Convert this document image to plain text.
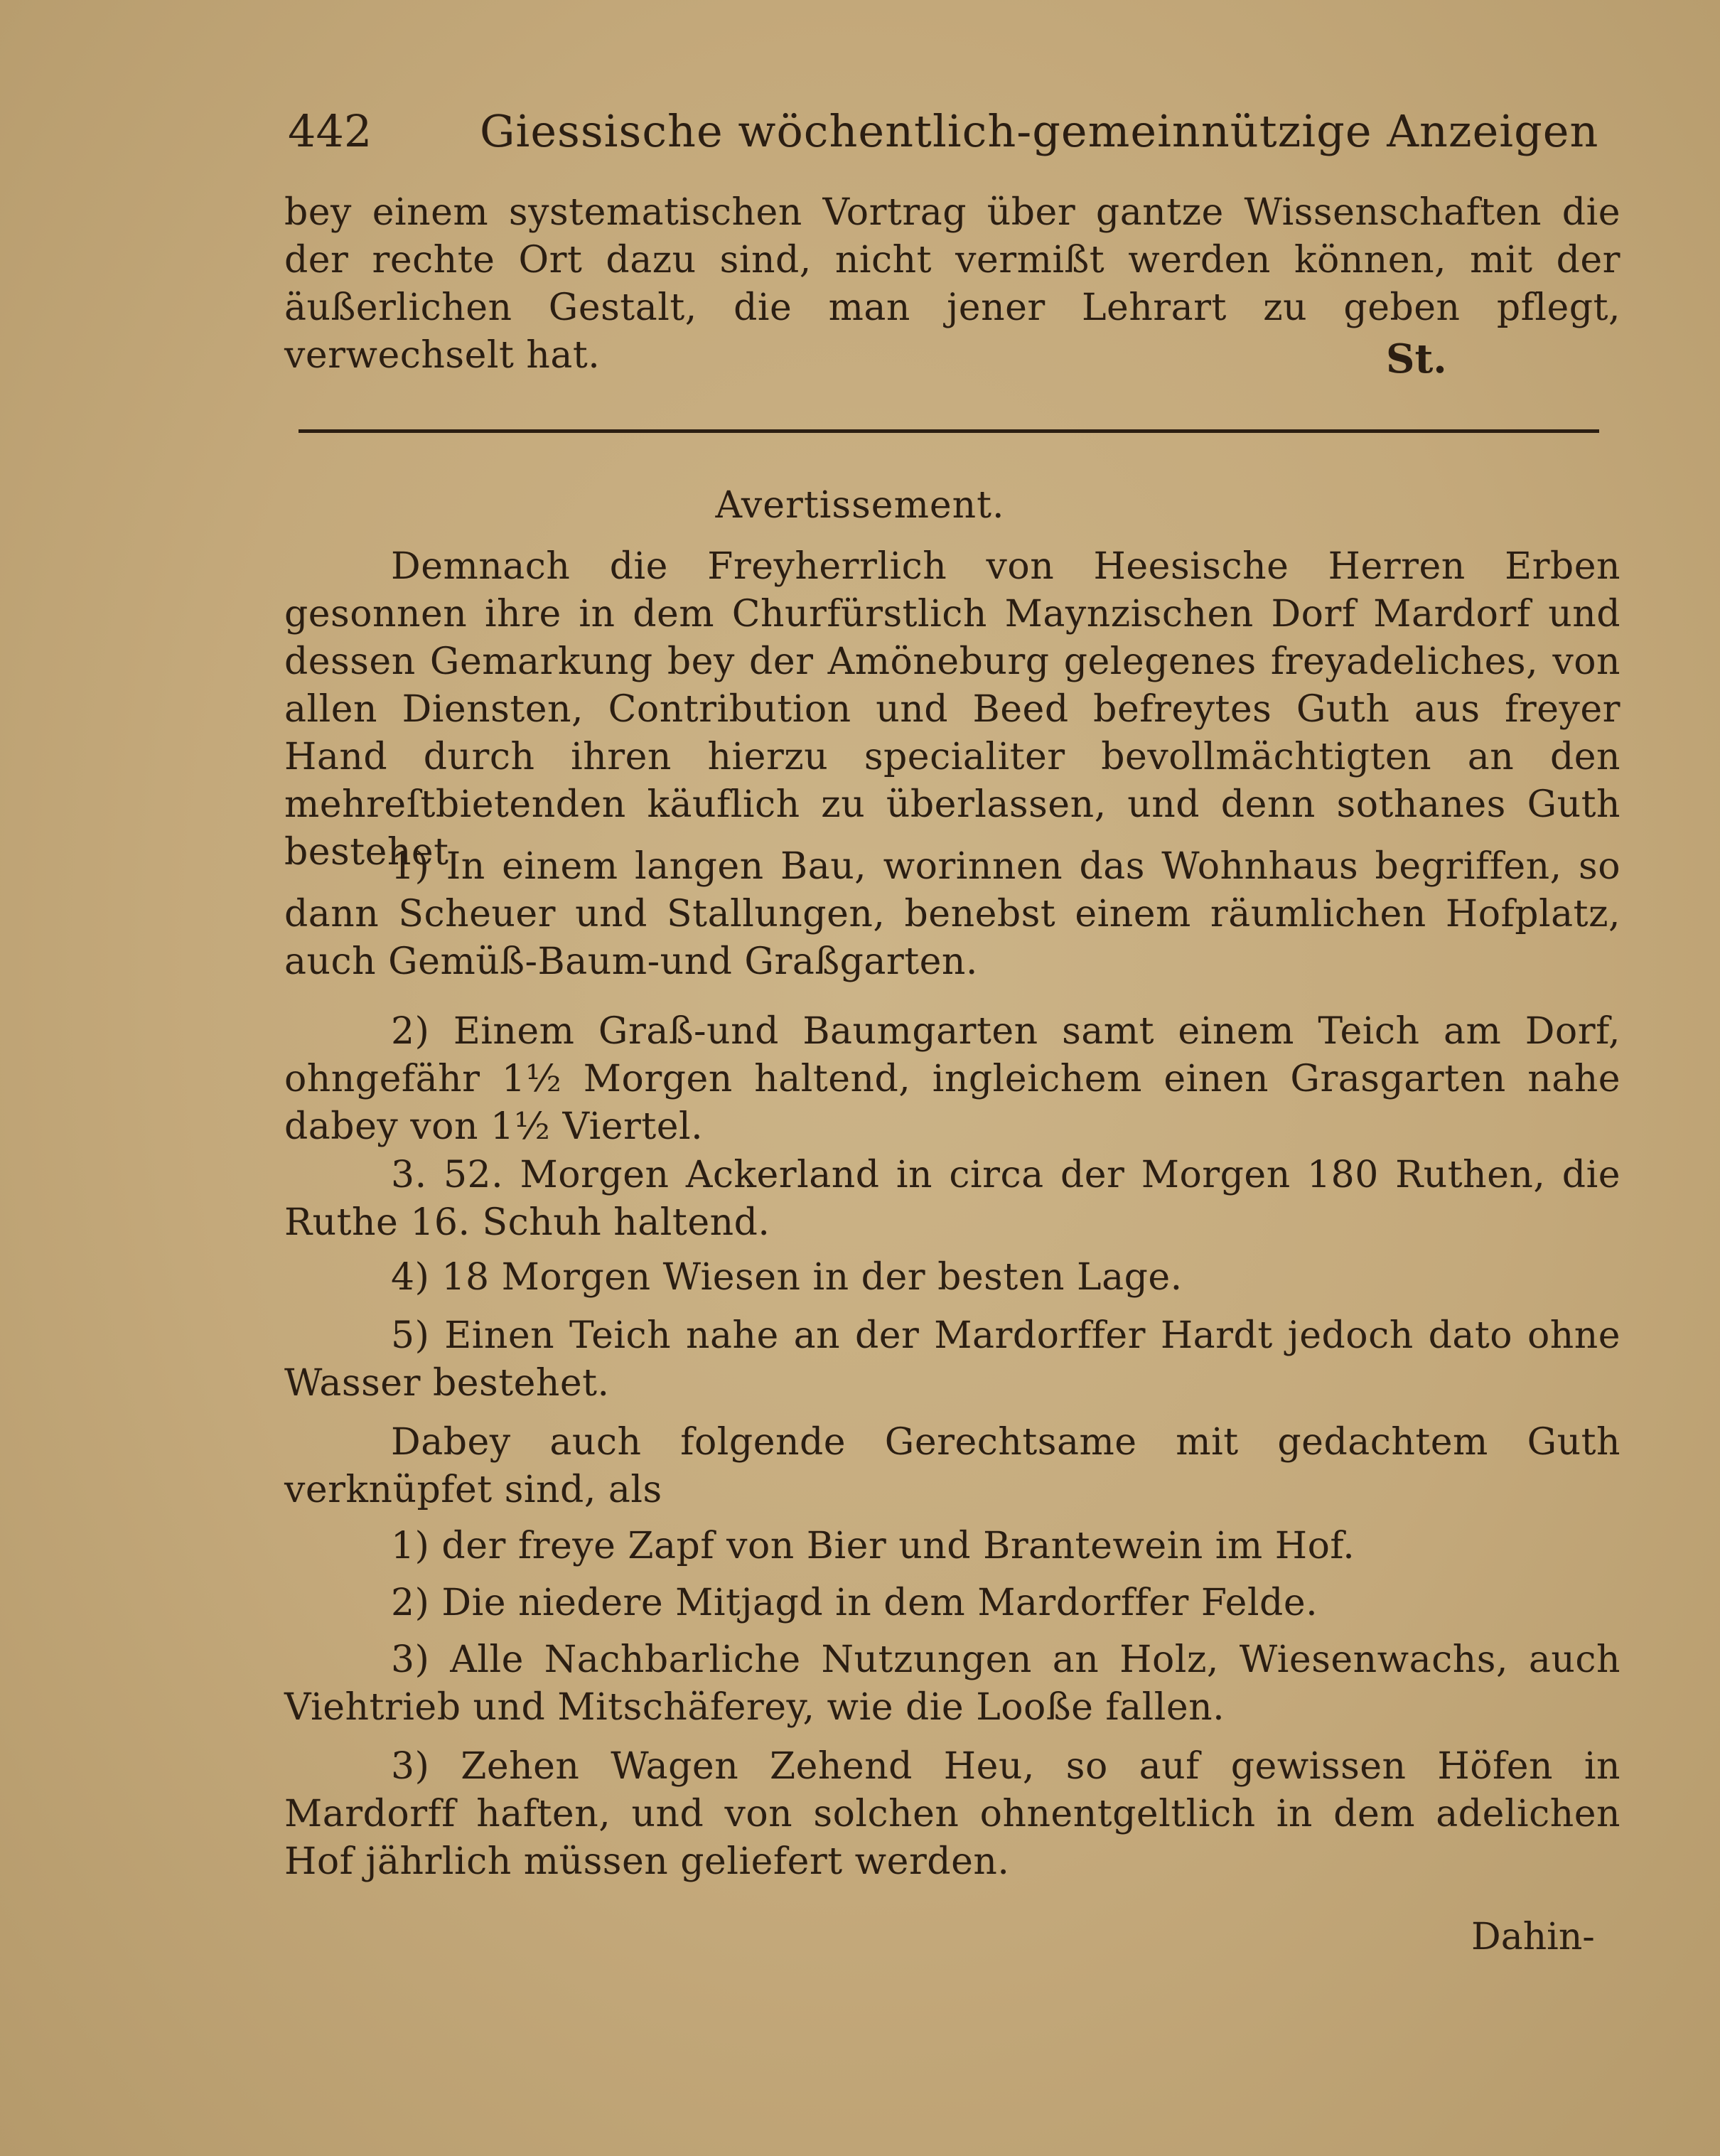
442 Giessische wöchentlich-gemeinnützige Anzeigen

bey einem systematischen Vortrag über gantze Wissenschaften die der rechte Ort dazu sind, nicht vermißt werden können, mit der äußerlichen Gestalt, die man jener Lehrart zu geben pflegt, verwechselt hat.	St.
Avertissement.
Demnach die Freyherrlich von Heesische Herren Erben gesonnen ihre in dem Churfürstlich Maynzischen Dorf Mardorf und dessen Gemarkung bey der Amöneburg gelegenes freyadeliches, von allen Diensten, Contribution und Beed befreytes Guth aus freyer Hand durch ihren hierzu specialiter bevollmächtigten an den mehreſtbietenden käuflich zu überlassen, und denn sothanes Guth bestehet
1) In einem langen Bau, worinnen das Wohnhaus begriffen, so dann Scheuer und Stallungen, benebst einem räumlichen Hofplatz, auch Gemüß-Baum-und Graßgarten.
2) Einem Graß-und Baumgarten samt einem Teich am Dorf, ohngefähr 1½ Morgen haltend, ingleichem einen Grasgarten nahe dabey von 1½ Viertel.
3. 52. Morgen Ackerland in circa der Morgen 180 Ruthen, die Ruthe 16. Schuh haltend.
4) 18 Morgen Wiesen in der besten Lage.
5) Einen Teich nahe an der Mardorffer Hardt jedoch dato ohne Wasser bestehet.
Dabey auch folgende Gerechtsame mit gedachtem Guth verknüpfet sind, als
1) der freye Zapf von Bier und Brantewein im Hof.
2) Die niedere Mitjagd in dem Mardorffer Felde.
3) Alle Nachbarliche Nutzungen an Holz, Wiesenwachs, auch Viehtrieb und Mitschäferey, wie die Looße fallen.
3) Zehen Wagen Zehend Heu, so auf gewissen Höfen in Mardorff haften, und von solchen ohnentgeltlich in dem adelichen Hof jährlich müssen geliefert werden.
Dahin-
